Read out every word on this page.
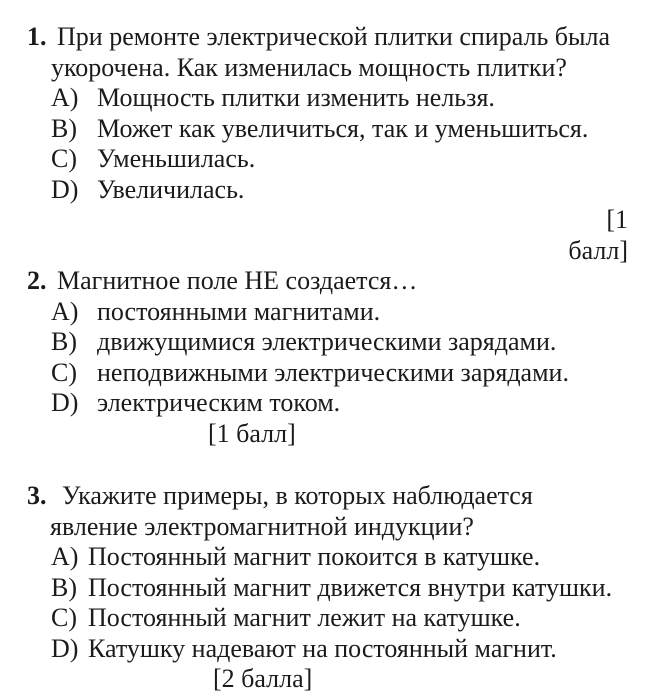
1. При ремонте электрической плитки спираль была
укорочена. Как изменилась мощность плитки?
A) Мощность плитки изменить нельзя.
B) Может как увеличиться, так и уменьшиться.
C) Уменьшилась.
D) Увеличилась.
[1
балл]
2. Магнитное поле НЕ создается…
A) постоянными магнитами.
B) движущимися электрическими зарядами.
C) неподвижными электрическими зарядами.
D) электрическим током.
[1 балл]
3. Укажите примеры, в которых наблюдается
явление электромагнитной индукции?
A) Постоянный магнит покоится в катушке.
B) Постоянный магнит движется внутри катушки.
C) Постоянный магнит лежит на катушке.
D) Катушку надевают на постоянный магнит.
[2 балла]
